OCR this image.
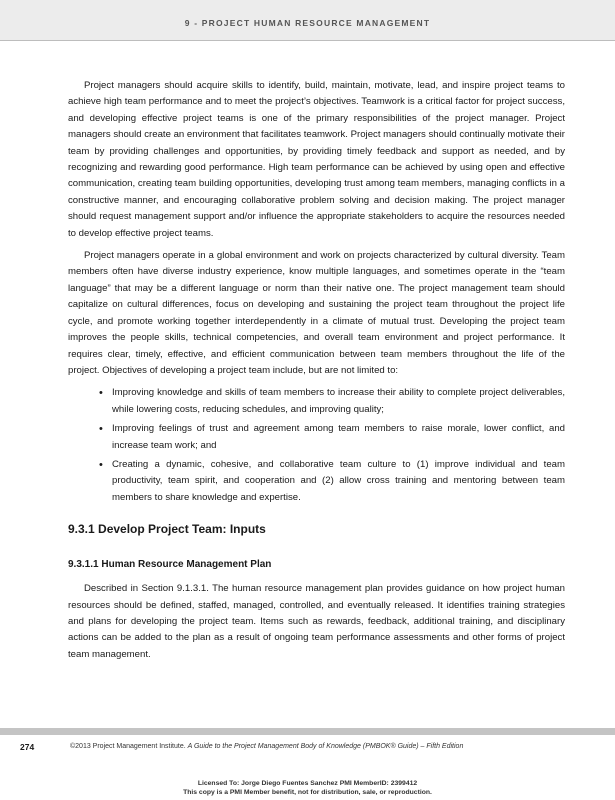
9 - PROJECT HUMAN RESOURCE MANAGEMENT

Project managers should acquire skills to identify, build, maintain, motivate, lead, and inspire project teams to achieve high team performance and to meet the project’s objectives. Teamwork is a critical factor for project success, and developing effective project teams is one of the primary responsibilities of the project manager. Project managers should create an environment that facilitates teamwork. Project managers should continually motivate their team by providing challenges and opportunities, by providing timely feedback and support as needed, and by recognizing and rewarding good performance. High team performance can be achieved by using open and effective communication, creating team building opportunities, developing trust among team members, managing conflicts in a constructive manner, and encouraging collaborative problem solving and decision making. The project manager should request management support and/or influence the appropriate stakeholders to acquire the resources needed to develop effective project teams.

Project managers operate in a global environment and work on projects characterized by cultural diversity. Team members often have diverse industry experience, know multiple languages, and sometimes operate in the “team language” that may be a different language or norm than their native one. The project management team should capitalize on cultural differences, focus on developing and sustaining the project team throughout the project life cycle, and promote working together interdependently in a climate of mutual trust. Developing the project team improves the people skills, technical competencies, and overall team environment and project performance. It requires clear, timely, effective, and efficient communication between team members throughout the life of the project. Objectives of developing a project team include, but are not limited to:

• Improving knowledge and skills of team members to increase their ability to complete project deliverables, while lowering costs, reducing schedules, and improving quality;
• Improving feelings of trust and agreement among team members to raise morale, lower conflict, and increase team work; and
• Creating a dynamic, cohesive, and collaborative team culture to (1) improve individual and team productivity, team spirit, and cooperation and (2) allow cross training and mentoring between team members to share knowledge and expertise.
9.3.1 Develop Project Team: Inputs
9.3.1.1 Human Resource Management Plan

Described in Section 9.1.3.1. The human resource management plan provides guidance on how project human resources should be defined, staffed, managed, controlled, and eventually released. It identifies training strategies and plans for developing the project team. Items such as rewards, feedback, additional training, and disciplinary actions can be added to the plan as a result of ongoing team performance assessments and other forms of project team management.

274	©2013 Project Management Institute. A Guide to the Project Management Body of Knowledge (PMBOK® Guide) – Fifth Edition
Licensed To: Jorge Diego Fuentes Sanchez PMI MemberID: 2399412
This copy is a PMI Member benefit, not for distribution, sale, or reproduction.
